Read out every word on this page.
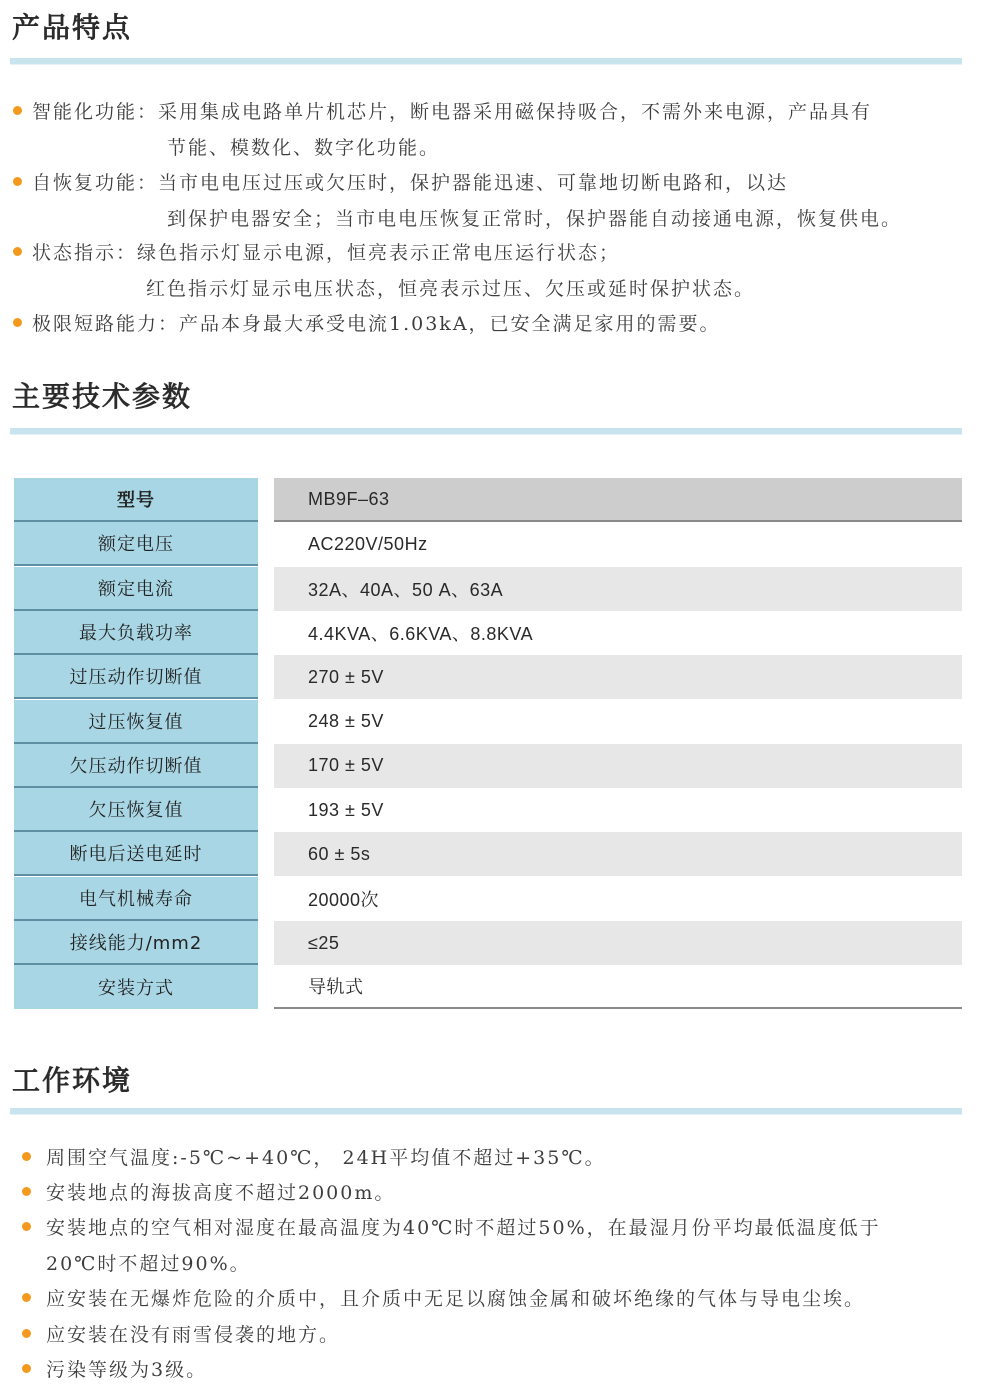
产品特点
智能化功能：采用集成电路单片机芯片，断电器采用磁保持吸合，不需外来电源，产品具有
节能、模数化、数字化功能。
自恢复功能：当市电电压过压或欠压时，保护器能迅速、可靠地切断电路和，以达
到保护电器安全；当市电电压恢复正常时，保护器能自动接通电源，恢复供电。
状态指示：绿色指示灯显示电源，恒亮表示正常电压运行状态；
红色指示灯显示电压状态，恒亮表示过压、欠压或延时保护状态。
极限短路能力：产品本身最大承受电流1.03kA，已安全满足家用的需要。
主要技术参数
型号	MB9F–63
额定电压	AC220V/50Hz
额定电流	32A、40A、50 A、63A
最大负载功率	4.4KVA、6.6KVA、8.8KVA
过压动作切断值	270 ± 5V
过压恢复值	248 ± 5V
欠压动作切断值	170 ± 5V
欠压恢复值	193 ± 5V
断电后送电延时	60 ± 5s
电气机械寿命	20000次
接线能力/mm2	≤25
安装方式	导轨式
工作环境
周围空气温度:-5℃~+40℃， 24H平均值不超过+35℃。
安装地点的海拔高度不超过2000m。
安装地点的空气相对湿度在最高温度为40℃时不超过50%，在最湿月份平均最低温度低于
20℃时不超过90%。
应安装在无爆炸危险的介质中，且介质中无足以腐蚀金属和破坏绝缘的气体与导电尘埃。
应安装在没有雨雪侵袭的地方。
污染等级为3级。
